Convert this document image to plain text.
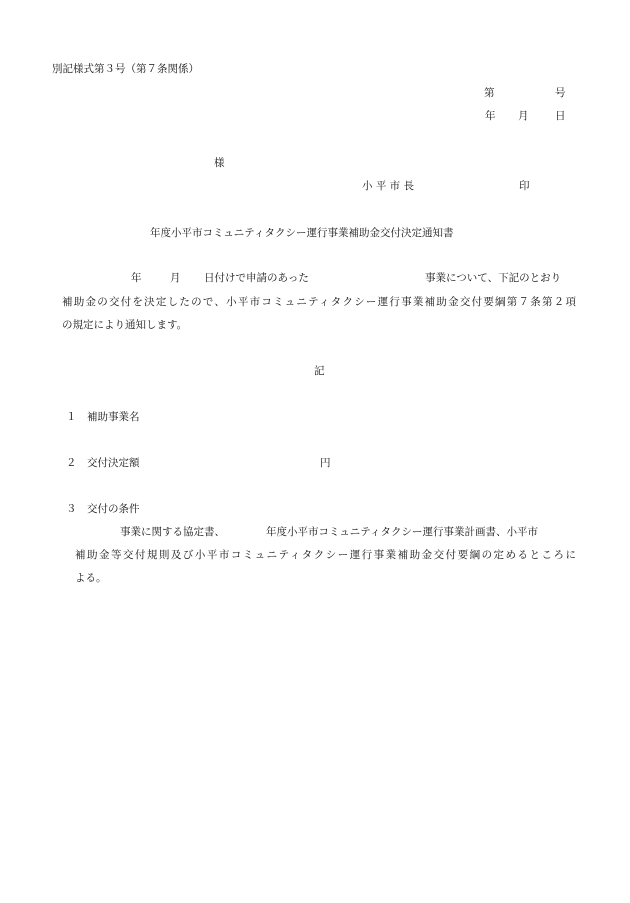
別記様式第３号（第７条関係）
第	号
年 月	日
様
小 平 市 長	印
年度小平市コミュニティタクシー運行事業補助金交付決定通知書
年	月 日付けで申請のあった	事業について、下記のとおり
補助金の交付を決定したので、小平市コミュニティタクシー運行事業補助金交付要綱第７条第２項
の規定により通知します。
記
１ 補助事業名
２ 交付決定額	円
３ 交付の条件
事業に関する協定書、	年度小平市コミュニティタクシー運行事業計画書、小平市
補助金等交付規則及び小平市コミュニティタクシー運行事業補助金交付要綱の定めるところに
よる。
